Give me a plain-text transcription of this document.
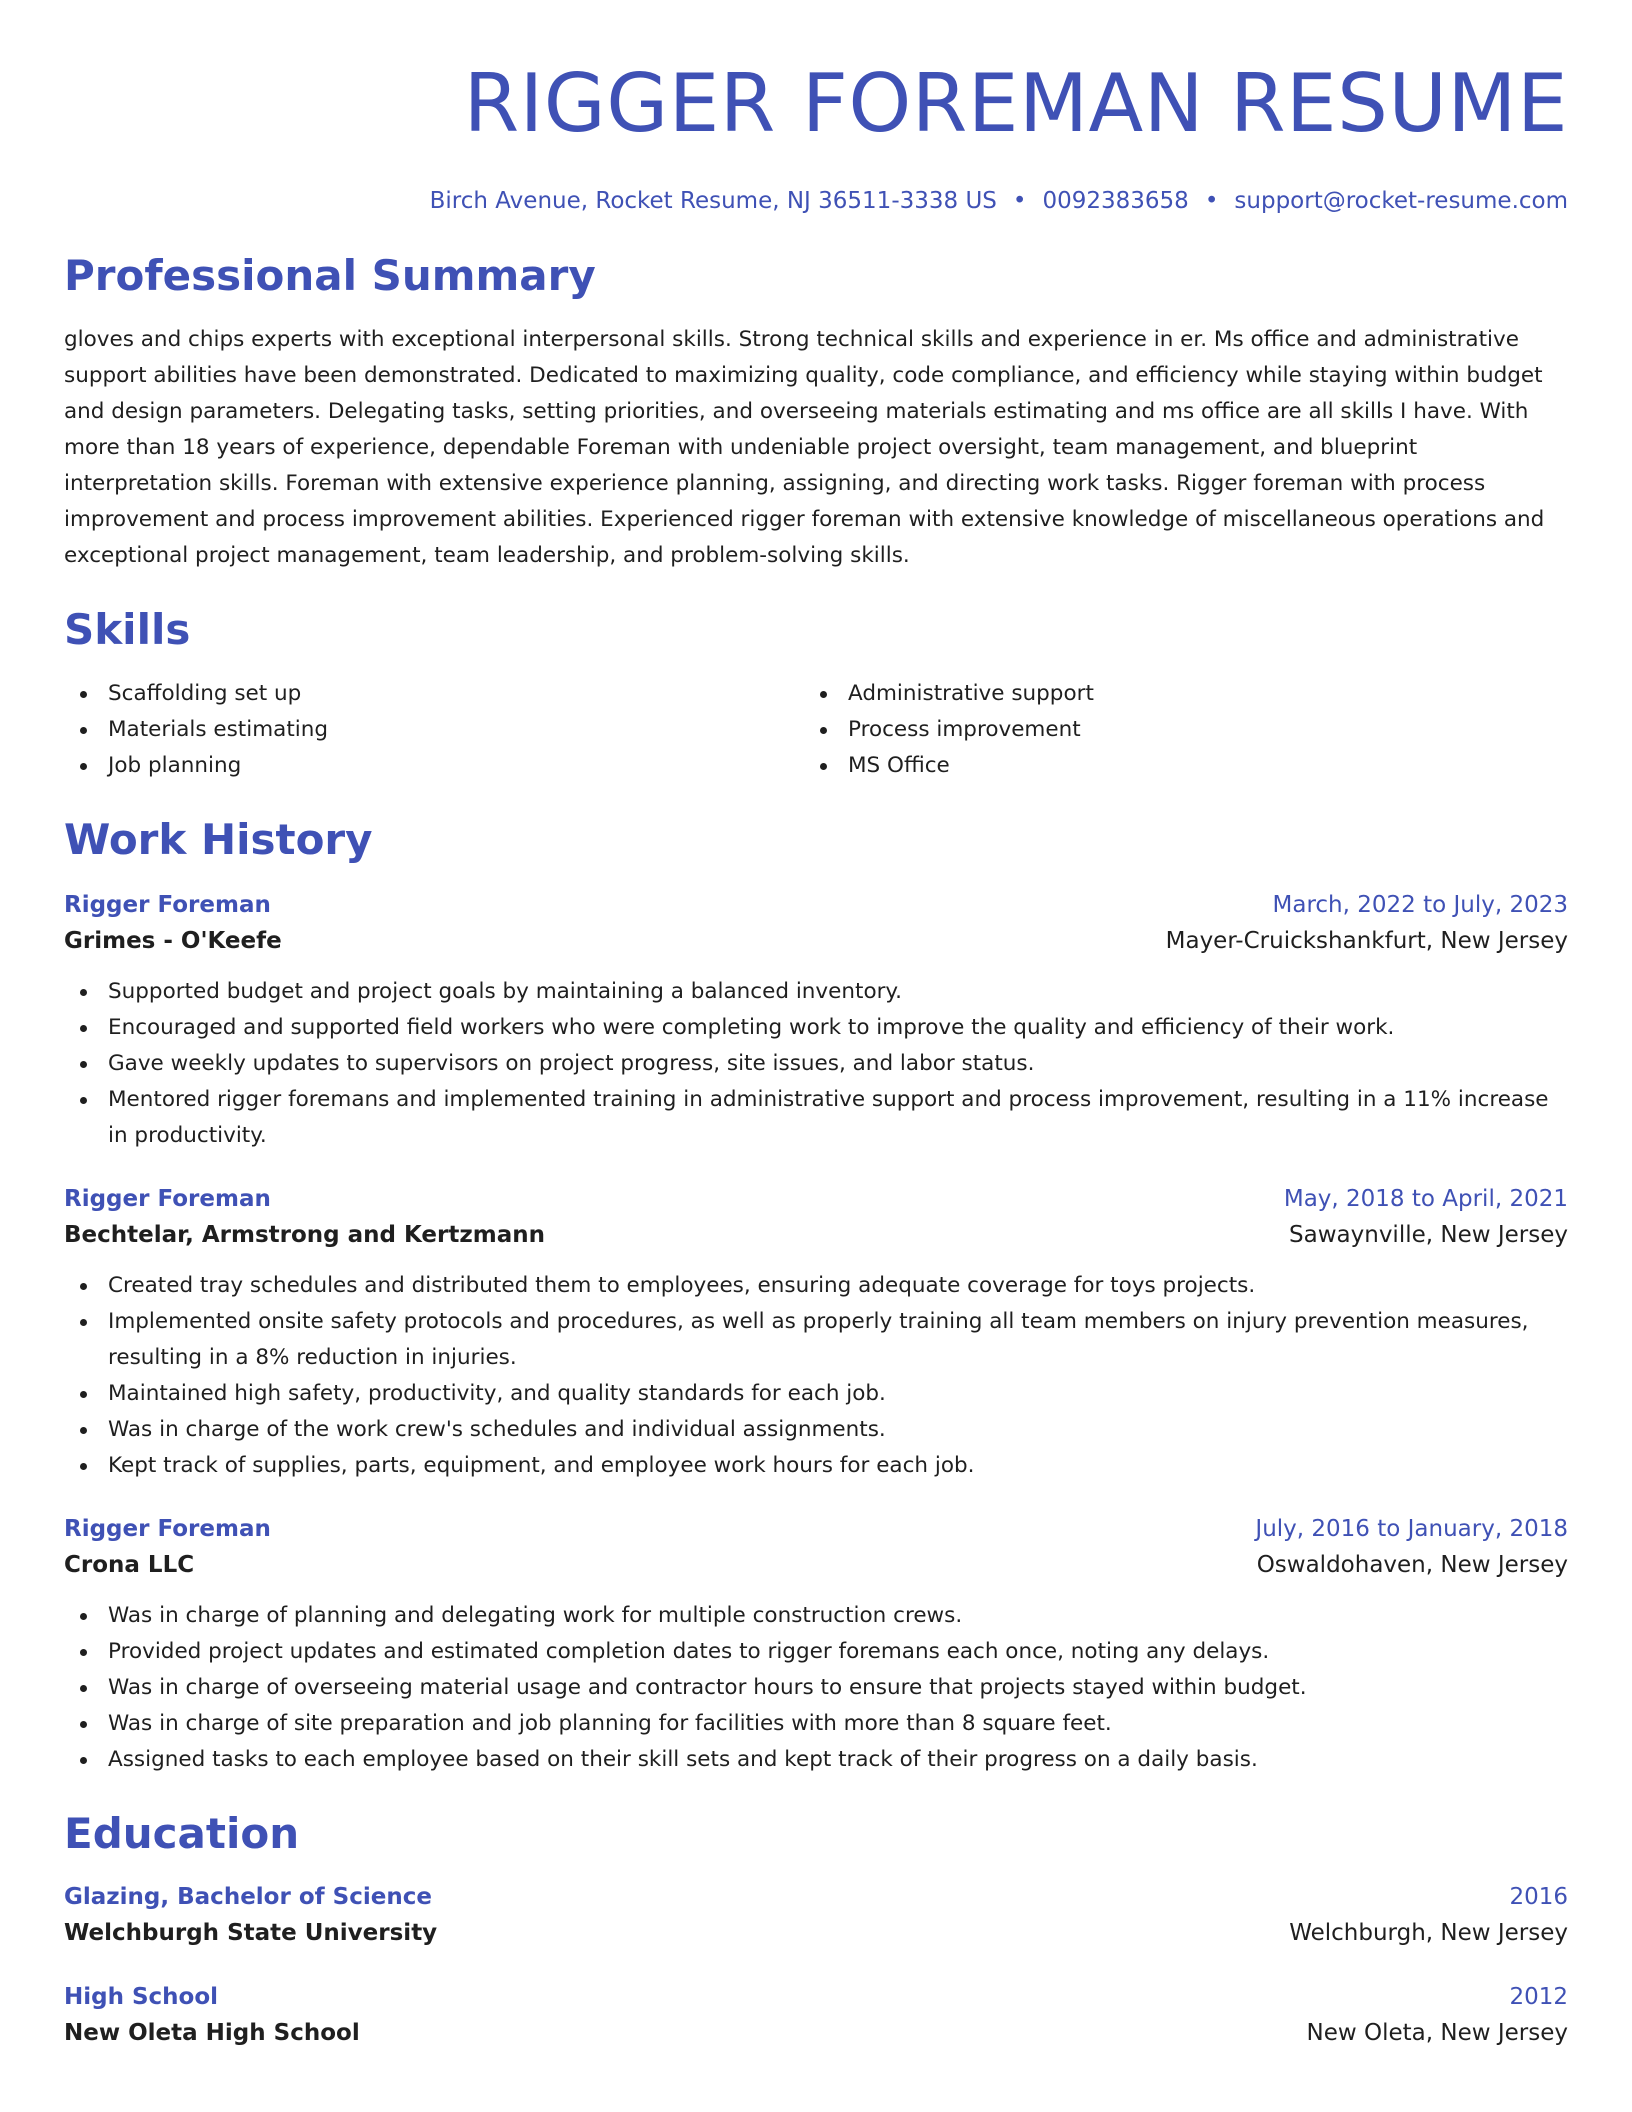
RIGGER FOREMAN RESUME
Birch Avenue, Rocket Resume, NJ 36511-3338 US • 0092383658 • support@rocket-resume.com
Professional Summary

gloves and chips experts with exceptional interpersonal skills. Strong technical skills and experience in er. Ms office and administrative support abilities have been demonstrated. Dedicated to maximizing quality, code compliance, and efficiency while staying within budget and design parameters. Delegating tasks, setting priorities, and overseeing materials estimating and ms office are all skills I have. With more than 18 years of experience, dependable Foreman with undeniable project oversight, team management, and blueprint interpretation skills. Foreman with extensive experience planning, assigning, and directing work tasks. Rigger foreman with process improvement and process improvement abilities. Experienced rigger foreman with extensive knowledge of miscellaneous operations and exceptional project management, team leadership, and problem-solving skills.

Skills
Scaffolding set up
Materials estimating
Job planning
Administrative support
Process improvement
MS Office
Work History
Rigger Foreman	March, 2022 to July, 2023
Grimes - O'Keefe	Mayer-Cruickshankfurt, New Jersey
Supported budget and project goals by maintaining a balanced inventory.
Encouraged and supported field workers who were completing work to improve the quality and efficiency of their work.
Gave weekly updates to supervisors on project progress, site issues, and labor status.
Mentored rigger foremans and implemented training in administrative support and process improvement, resulting in a 11% increase in productivity.
Rigger Foreman	May, 2018 to April, 2021
Bechtelar, Armstrong and Kertzmann	Sawaynville, New Jersey
Created tray schedules and distributed them to employees, ensuring adequate coverage for toys projects.
Implemented onsite safety protocols and procedures, as well as properly training all team members on injury prevention measures, resulting in a 8% reduction in injuries.
Maintained high safety, productivity, and quality standards for each job.
Was in charge of the work crew's schedules and individual assignments.
Kept track of supplies, parts, equipment, and employee work hours for each job.
Rigger Foreman	July, 2016 to January, 2018
Crona LLC	Oswaldohaven, New Jersey
Was in charge of planning and delegating work for multiple construction crews.
Provided project updates and estimated completion dates to rigger foremans each once, noting any delays.
Was in charge of overseeing material usage and contractor hours to ensure that projects stayed within budget.
Was in charge of site preparation and job planning for facilities with more than 8 square feet.
Assigned tasks to each employee based on their skill sets and kept track of their progress on a daily basis.
Education
Glazing, Bachelor of Science	2016
Welchburgh State University	Welchburgh, New Jersey
High School	2012
New Oleta High School	New Oleta, New Jersey
